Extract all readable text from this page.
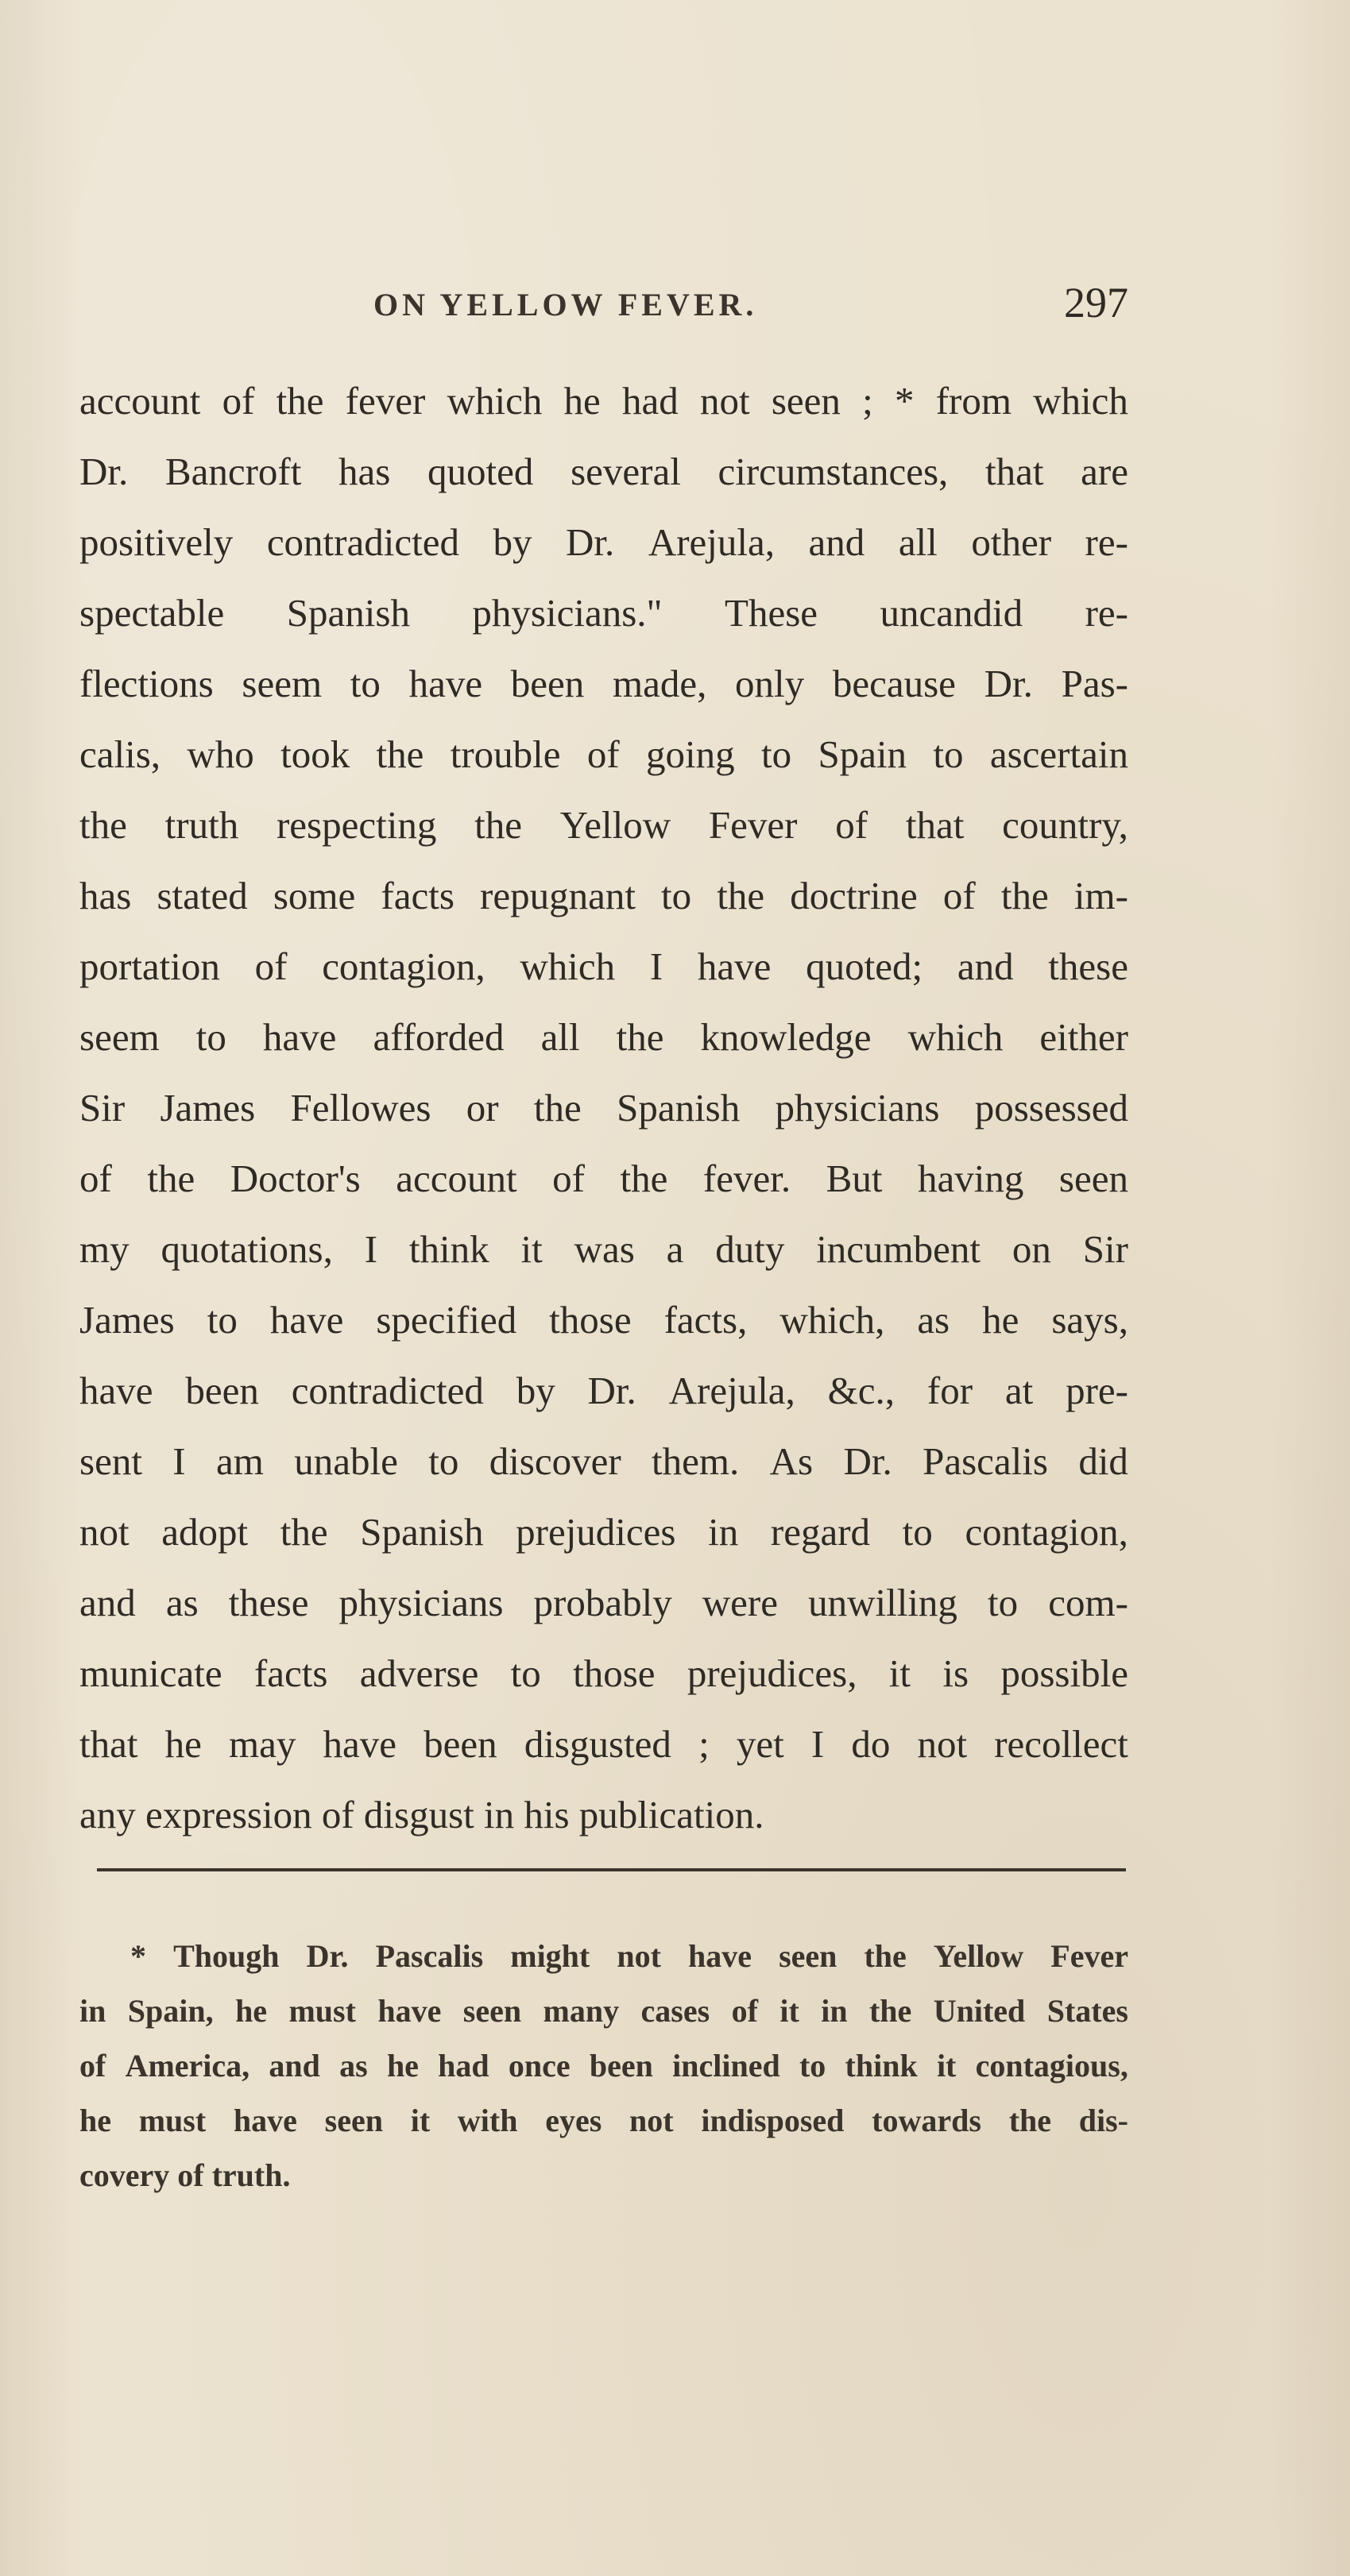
ON YELLOW FEVER.	297
account of the fever which he had not seen ; * from which
Dr. Bancroft has quoted several circumstances, that are
positively contradicted by Dr. Arejula, and all other re-
spectable Spanish physicians." These uncandid re-
flections seem to have been made, only because Dr. Pas-
calis, who took the trouble of going to Spain to ascertain
the truth respecting the Yellow Fever of that country,
has stated some facts repugnant to the doctrine of the im-
portation of contagion, which I have quoted; and these
seem to have afforded all the knowledge which either
Sir James Fellowes or the Spanish physicians possessed
of the Doctor's account of the fever. But having seen
my quotations, I think it was a duty incumbent on Sir
James to have specified those facts, which, as he says,
have been contradicted by Dr. Arejula, &c., for at pre-
sent I am unable to discover them. As Dr. Pascalis did
not adopt the Spanish prejudices in regard to contagion,
and as these physicians probably were unwilling to com-
municate facts adverse to those prejudices, it is possible
that he may have been disgusted ; yet I do not recollect
any expression of disgust in his publication.
* Though Dr. Pascalis might not have seen the Yellow Fever
in Spain, he must have seen many cases of it in the United States
of America, and as he had once been inclined to think it contagious,
he must have seen it with eyes not indisposed towards the dis-
covery of truth.
